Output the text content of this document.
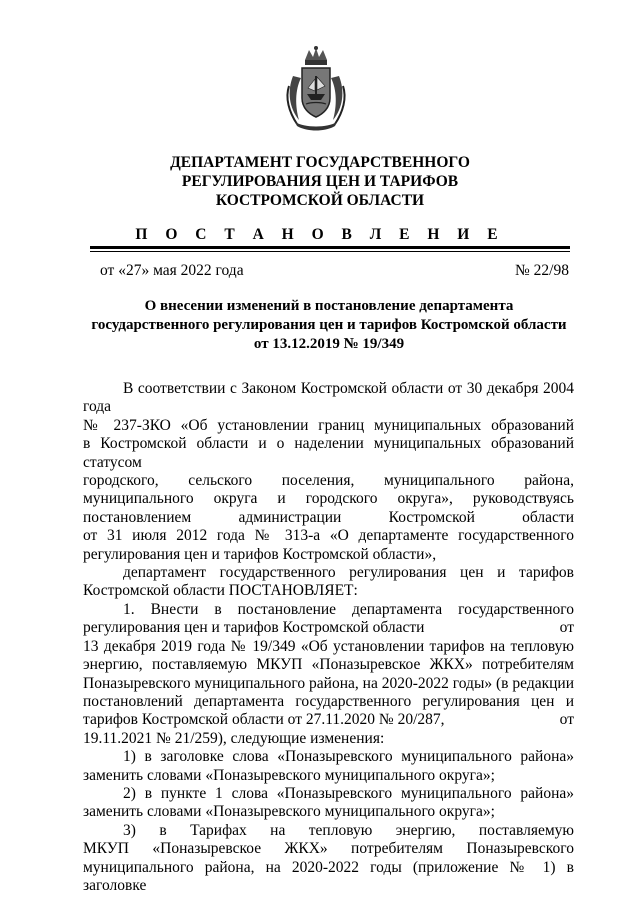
ДЕПАРТАМЕНТ ГОСУДАРСТВЕННОГО
РЕГУЛИРОВАНИЯ ЦЕН И ТАРИФОВ
КОСТРОМСКОЙ ОБЛАСТИ
П О С Т А Н О В Л Е Н И Е
от «27» мая 2022 года	№ 22/98
О внесении изменений в постановление департамента
государственного регулирования цен и тарифов Костромской области
от 13.12.2019 № 19/349

В соответствии с Законом Костромской области от 30 декабря 2004 года

№ 237-ЗКО «Об установлении границ муниципальных образований

в Костромской области и о наделении муниципальных образований статусом

городского, сельского поселения, муниципального района,

муниципального округа и городского округа», руководствуясь

постановлением администрации Костромской области

от 31 июля 2012 года № 313-а «О департаменте государственного

регулирования цен и тарифов Костромской области»,

департамент государственного регулирования цен и тарифов

Костромской области ПОСТАНОВЛЯЕТ:

1. Внести в постановление департамента государственного

регулирования цен и тарифов Костромской области	от

13 декабря 2019 года № 19/349 «Об установлении тарифов на тепловую

энергию, поставляемую МКУП «Поназыревское ЖКХ» потребителям

Поназыревского муниципального района, на 2020-2022 годы» (в редакции

постановлений департамента государственного регулирования цен и

тарифов Костромской области от 27.11.2020 № 20/287,	от

19.11.2021 № 21/259), следующие изменения:

1) в заголовке слова «Поназыревского муниципального района»

заменить словами «Поназыревского муниципального округа»;

2) в пункте 1 слова «Поназыревского муниципального района»

заменить словами «Поназыревского муниципального округа»;

3) в Тарифах на тепловую энергию, поставляемую

МКУП «Поназыревское ЖКХ» потребителям Поназыревского

муниципального района, на 2020-2022 годы (приложение № 1) в заголовке
